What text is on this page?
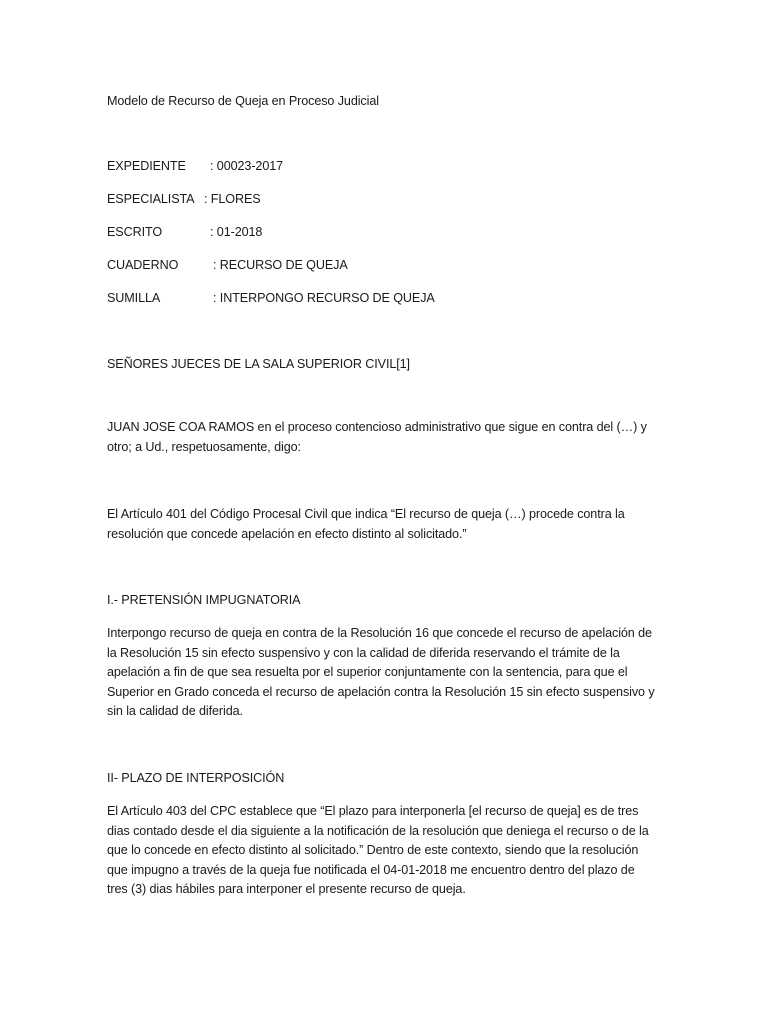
Modelo de Recurso de Queja en Proceso Judicial
EXPEDIENTE : 00023-2017
ESPECIALISTA : FLORES
ESCRITO	: 01-2018
CUADERNO	: RECURSO DE QUEJA
SUMILLA	: INTERPONGO RECURSO DE QUEJA
SEÑORES JUECES DE LA SALA SUPERIOR CIVIL[1]
JUAN JOSE COA RAMOS en el proceso contencioso administrativo que sigue en contra del (…) y
otro; a Ud., respetuosamente, digo:
El Artículo 401 del Código Procesal Civil que indica “El recurso de queja (…) procede contra la
resolución que concede apelación en efecto distinto al solicitado.”
I.- PRETENSIÓN IMPUGNATORIA
Interpongo recurso de queja en contra de la Resolución 16 que concede el recurso de apelación de
la Resolución 15 sin efecto suspensivo y con la calidad de diferida reservando el trámite de la
apelación a fin de que sea resuelta por el superior conjuntamente con la sentencia, para que el
Superior en Grado conceda el recurso de apelación contra la Resolución 15 sin efecto suspensivo y
sin la calidad de diferida.
II- PLAZO DE INTERPOSICIÓN
El Artículo 403 del CPC establece que “El plazo para interponerla [el recurso de queja] es de tres
dias contado desde el dia siguiente a la notificación de la resolución que deniega el recurso o de la
que lo concede en efecto distinto al solicitado.” Dentro de este contexto, siendo que la resolución
que impugno a través de la queja fue notificada el 04-01-2018 me encuentro dentro del plazo de
tres (3) dias hábiles para interponer el presente recurso de queja.
